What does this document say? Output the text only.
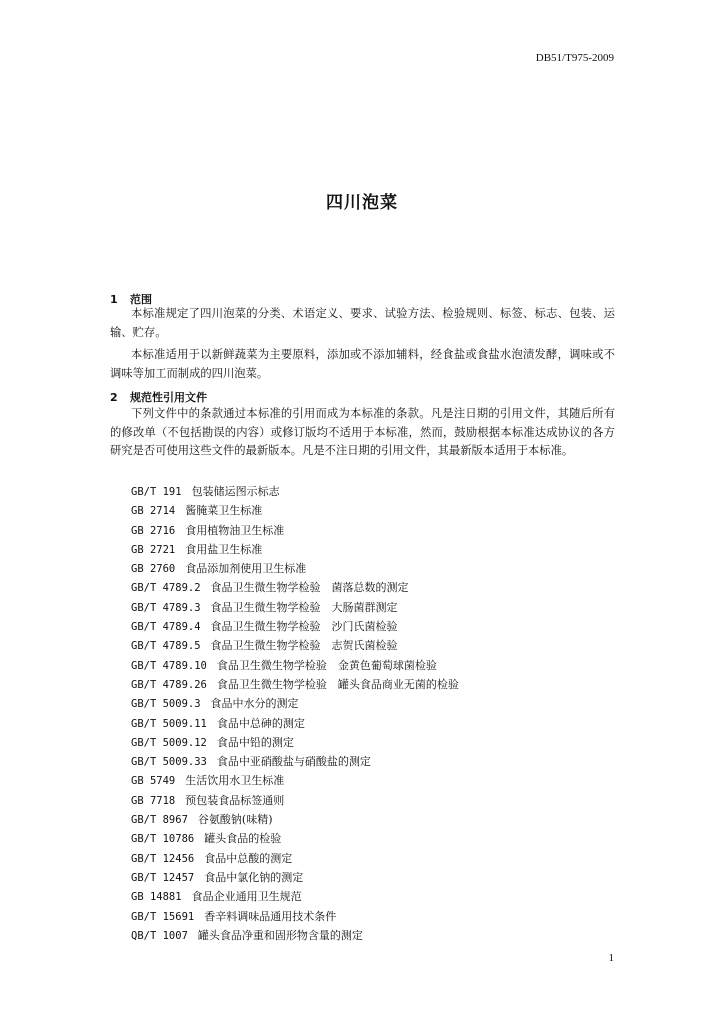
DB51/T975-2009
四川泡菜
1 范围

本标准规定了四川泡菜的分类、术语定义、要求、试验方法、检验规则、标签、标志、包装、运输、贮存。

本标准适用于以新鲜蔬菜为主要原料，添加或不添加辅料，经食盐或食盐水泡渍发酵，调味或不调味等加工而制成的四川泡菜。

2 规范性引用文件

下列文件中的条款通过本标准的引用而成为本标准的条款。凡是注日期的引用文件，其随后所有的修改单（不包括勘误的内容）或修订版均不适用于本标准，然而，鼓励根据本标准达成协议的各方研究是否可使用这些文件的最新版本。凡是不注日期的引用文件，其最新版本适用于本标准。

GB/T 191 包装储运图示标志
GB 2714 酱腌菜卫生标准
GB 2716 食用植物油卫生标准
GB 2721 食用盐卫生标准
GB 2760 食品添加剂使用卫生标准
GB/T 4789.2 食品卫生微生物学检验　菌落总数的测定
GB/T 4789.3 食品卫生微生物学检验　大肠菌群测定
GB/T 4789.4 食品卫生微生物学检验　沙门氏菌检验
GB/T 4789.5 食品卫生微生物学检验　志贺氏菌检验
GB/T 4789.10 食品卫生微生物学检验　金黄色葡萄球菌检验
GB/T 4789.26 食品卫生微生物学检验　罐头食品商业无菌的检验
GB/T 5009.3 食品中水分的测定
GB/T 5009.11 食品中总砷的测定
GB/T 5009.12 食品中铅的测定
GB/T 5009.33 食品中亚硝酸盐与硝酸盐的测定
GB 5749 生活饮用水卫生标准
GB 7718 预包装食品标签通则
GB/T 8967 谷氨酸钠(味精)
GB/T 10786 罐头食品的检验
GB/T 12456 食品中总酸的测定
GB/T 12457 食品中氯化钠的测定
GB 14881 食品企业通用卫生规范
GB/T 15691 香辛料调味品通用技术条件
QB/T 1007 罐头食品净重和固形物含量的测定
1
